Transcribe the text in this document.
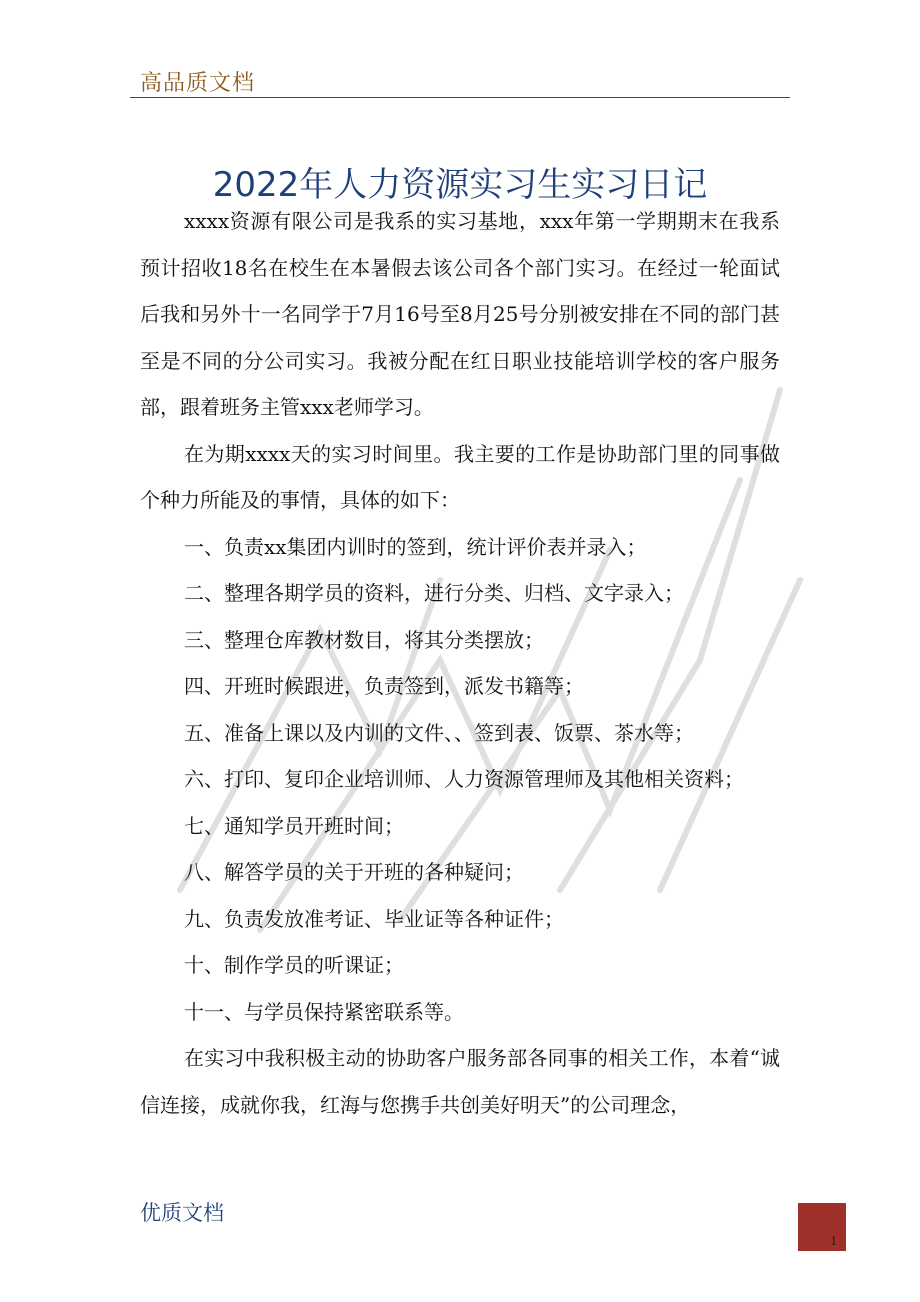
高品质文档
2022年人力资源实习生实习日记

xxxx资源有限公司是我系的实习基地，xxx年第一学期期末在我系预计招收18名在校生在本暑假去该公司各个部门实习。在经过一轮面试后我和另外十一名同学于7月16号至8月25号分别被安排在不同的部门甚至是不同的分公司实习。我被分配在红日职业技能培训学校的客户服务部，跟着班务主管xxx老师学习。

在为期xxxx天的实习时间里。我主要的工作是协助部门里的同事做个种力所能及的事情，具体的如下：

一、负责xx集团内训时的签到，统计评价表并录入；

二、整理各期学员的资料，进行分类、归档、文字录入；

三、整理仓库教材数目，将其分类摆放；

四、开班时候跟进，负责签到，派发书籍等；

五、准备上课以及内训的文件、、签到表、饭票、茶水等；

六、打印、复印企业培训师、人力资源管理师及其他相关资料；

七、通知学员开班时间；

八、解答学员的关于开班的各种疑问；

九、负责发放准考证、毕业证等各种证件；

十、制作学员的听课证；

十一、与学员保持紧密联系等。

在实习中我积极主动的协助客户服务部各同事的相关工作，本着“诚信连接，成就你我，红海与您携手共创美好明天”的公司理念，

优质文档
1
